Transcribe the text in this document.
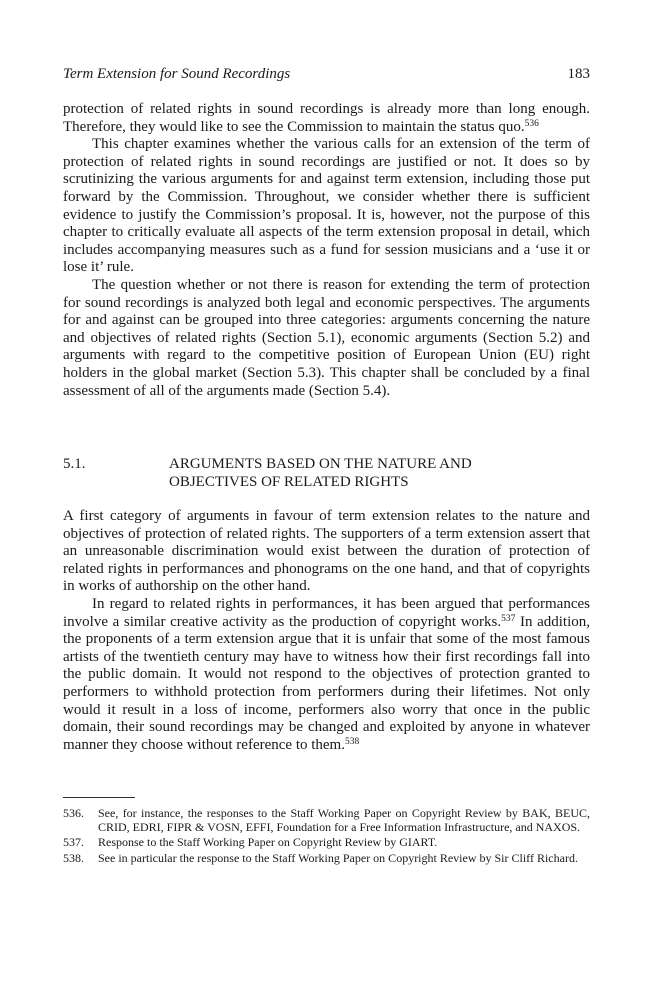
Term Extension for Sound Recordings	183

protection of related rights in sound recordings is already more than long enough. Therefore, they would like to see the Commission to maintain the status quo.$^{536}$

This chapter examines whether the various calls for an extension of the term of protection of related rights in sound recordings are justified or not. It does so by scrutinizing the various arguments for and against term extension, including those put forward by the Commission. Throughout, we consider whether there is sufficient evidence to justify the Commission’s proposal. It is, however, not the purpose of this chapter to critically evaluate all aspects of the term extension proposal in detail, which includes accompanying measures such as a fund for session musicians and a ‘use it or lose it’ rule.

The question whether or not there is reason for extending the term of protection for sound recordings is analyzed both legal and economic perspectives. The arguments for and against can be grouped into three categories: arguments concerning the nature and objectives of related rights (Section 5.1), economic arguments (Section 5.2) and arguments with regard to the competitive position of European Union (EU) right holders in the global market (Section 5.3). This chapter shall be concluded by a final assessment of all of the arguments made (Section 5.4).

5.1.	ARGUMENTS BASED ON THE NATURE AND
OBJECTIVES OF RELATED RIGHTS

A first category of arguments in favour of term extension relates to the nature and objectives of protection of related rights. The supporters of a term extension assert that an unreasonable discrimination would exist between the duration of protection of related rights in performances and phonograms on the one hand, and that of copyrights in works of authorship on the other hand.

In regard to related rights in performances, it has been argued that performances involve a similar creative activity as the production of copyright works.$^{537}$ In addition, the proponents of a term extension argue that it is unfair that some of the most famous artists of the twentieth century may have to witness how their first recordings fall into the public domain. It would not respond to the objectives of protection granted to performers to withhold protection from performers during their lifetimes. Not only would it result in a loss of income, performers also worry that once in the public domain, their sound recordings may be changed and exploited by anyone in whatever manner they choose without reference to them.$^{538}$

536. See, for instance, the responses to the Staff Working Paper on Copyright Review by BAK, BEUC, CRID, EDRI, FIPR & VOSN, EFFI, Foundation for a Free Information Infrastructure, and NAXOS.

537. Response to the Staff Working Paper on Copyright Review by GIART.

538. See in particular the response to the Staff Working Paper on Copyright Review by Sir Cliff Richard.
